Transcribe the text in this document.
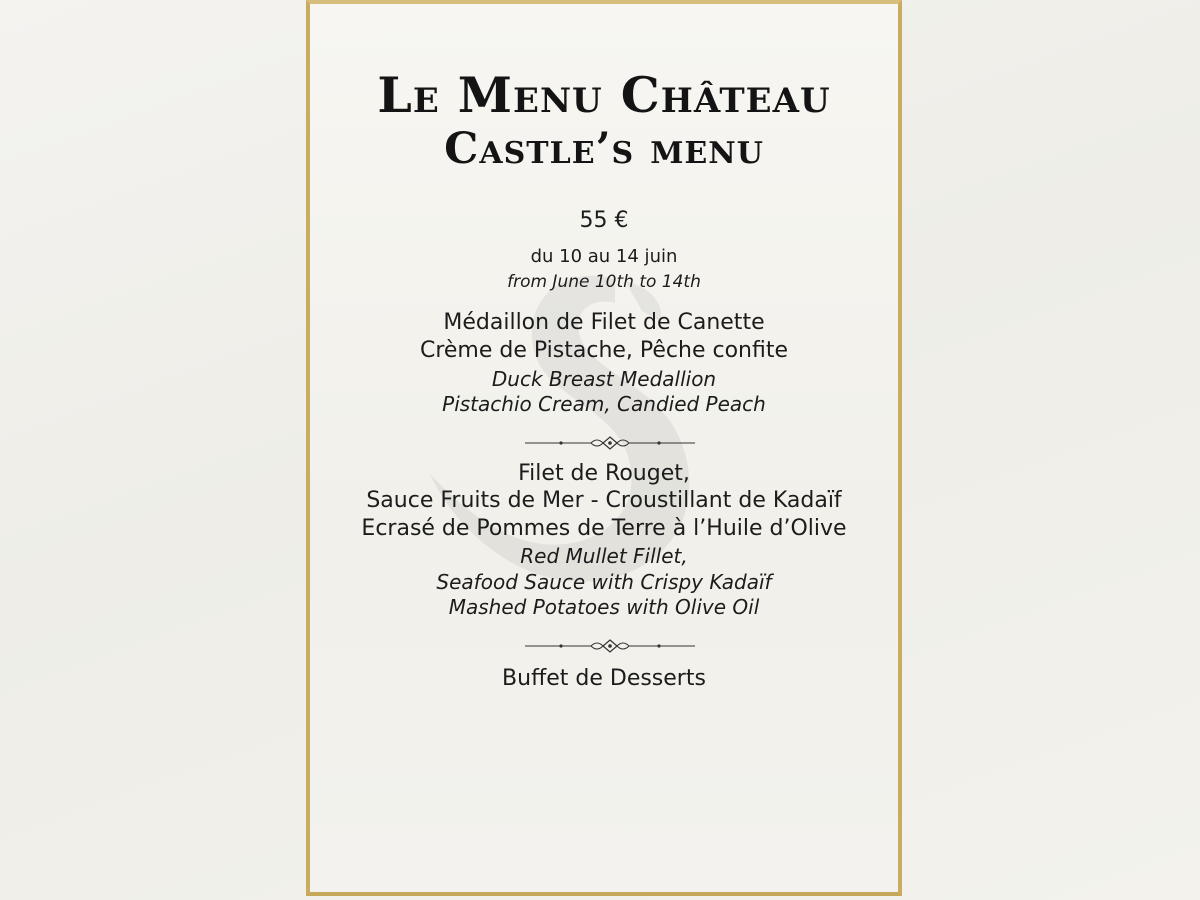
Le Menu Château
Castle’s menu

55 €

du 10 au 14 juin

from June 10th to 14th

Médaillon de Filet de Canette

Crème de Pistache, Pêche confite

Duck Breast Medallion

Pistachio Cream, Candied Peach

Filet de Rouget,

Sauce Fruits de Mer - Croustillant de Kadaïf

Ecrasé de Pommes de Terre à l’Huile d’Olive

Red Mullet Fillet,

Seafood Sauce with Crispy Kadaïf

Mashed Potatoes with Olive Oil

Buffet de Desserts
